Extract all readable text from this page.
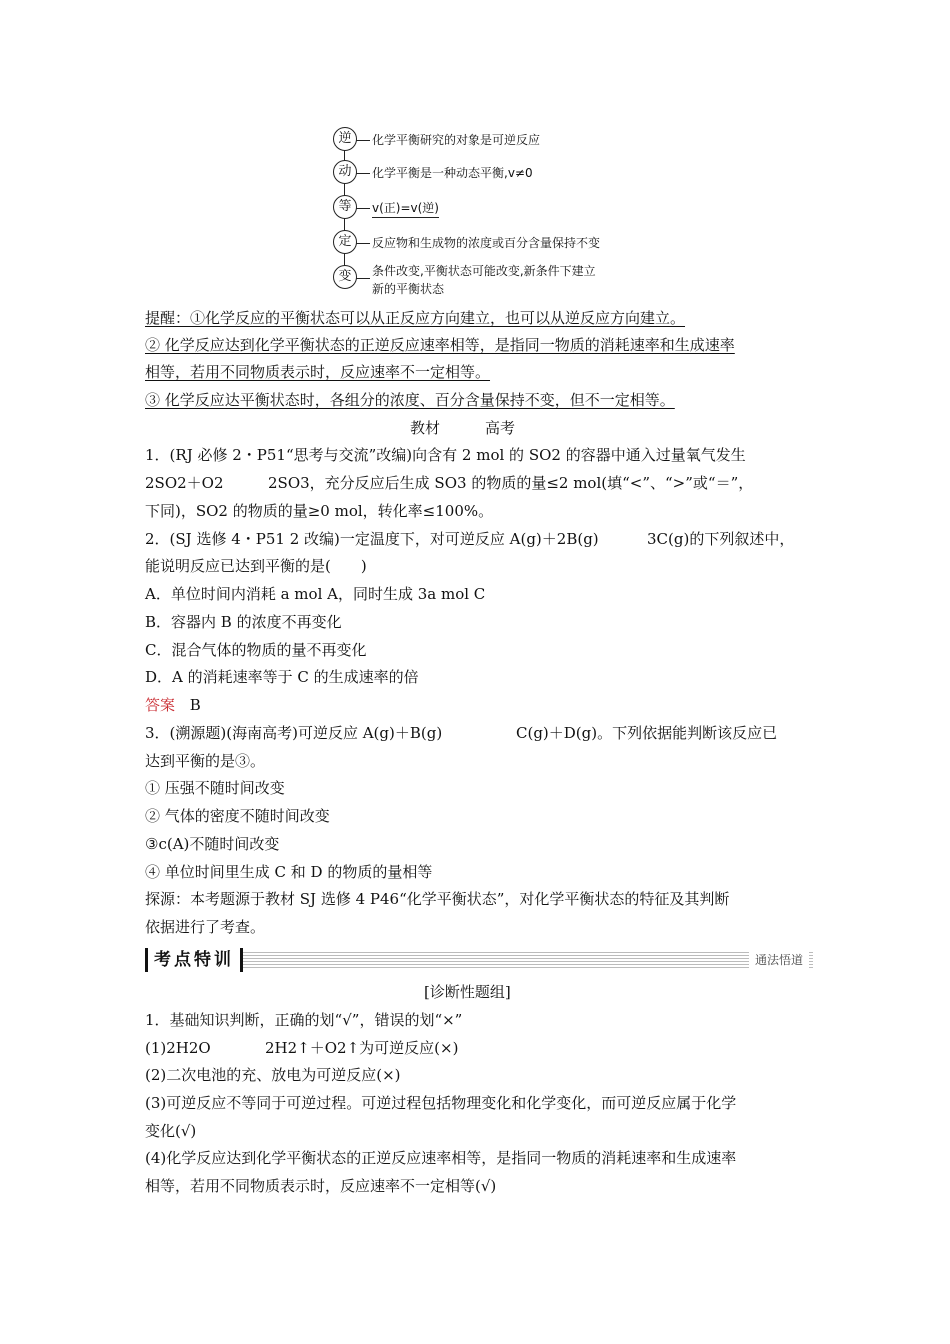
逆	化学平衡研究的对象是可逆反应
动	化学平衡是一种动态平衡,v≠0
等	v(正)=v(逆)
定	反应物和生成物的浓度或百分含量保持不变
变	条件改变,平衡状态可能改变,新条件下建立
新的平衡状态
提醒：①化学反应的平衡状态可以从正反应方向建立，也可以从逆反应方向建立。
② 化学反应达到化学平衡状态的正逆反应速率相等，是指同一物质的消耗速率和生成速率
相等，若用不同物质表示时，反应速率不一定相等。
③ 化学反应达平衡状态时，各组分的浓度、百分含量保持不变，但不一定相等。
教材　　　高考
1．(RJ 必修 2・P51“思考与交流”改编)向含有 2 mol 的 SO2 的容器中通入过量氧气发生
2SO2＋O2	2SO3，充分反应后生成 SO3 的物质的量≤2 mol(填“<”、“>”或“＝”，
下同)，SO2 的物质的量≥0 mol，转化率≤100%。
2．(SJ 选修 4・P51 2 改编)一定温度下，对可逆反应 A(g)＋2B(g)	3C(g)的下列叙述中，
能说明反应已达到平衡的是(　　)
A．单位时间内消耗 a mol A，同时生成 3a mol C
B．容器内 B 的浓度不再变化
C．混合气体的物质的量不再变化
D．A 的消耗速率等于 C 的生成速率的倍
答案 B
3．(溯源题)(海南高考)可逆反应 A(g)＋B(g)	C(g)＋D(g)。下列依据能判断该反应已
达到平衡的是③。
① 压强不随时间改变
② 气体的密度不随时间改变
③c(A)不随时间改变
④ 单位时间里生成 C 和 D 的物质的量相等
探源：本考题源于教材 SJ 选修 4 P46“化学平衡状态”，对化学平衡状态的特征及其判断
依据进行了考查。
考点特训	通法悟道
[诊断性题组]
1．基础知识判断，正确的划“√”，错误的划“×”
(1)2H2O	2H2↑＋O2↑为可逆反应(×)
(2)二次电池的充、放电为可逆反应(×)
(3)可逆反应不等同于可逆过程。可逆过程包括物理变化和化学变化，而可逆反应属于化学
变化(√)
(4)化学反应达到化学平衡状态的正逆反应速率相等，是指同一物质的消耗速率和生成速率
相等，若用不同物质表示时，反应速率不一定相等(√)
